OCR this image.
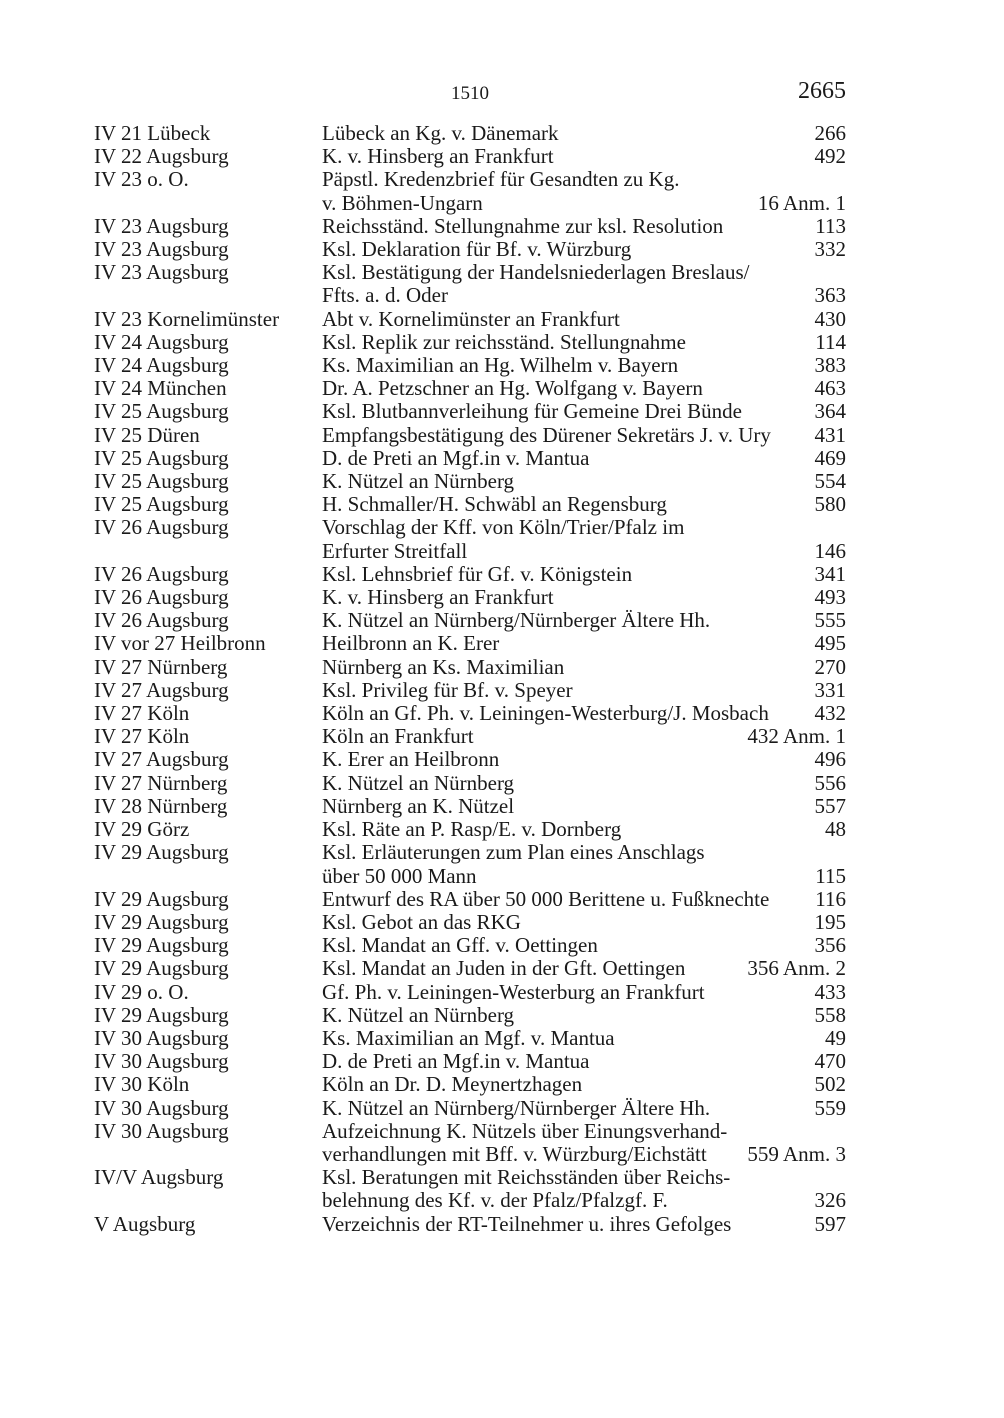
1510	2665
IV 21 Lübeck	Lübeck an Kg. v. Dänemark	266
IV 22 Augsburg	K. v. Hinsberg an Frankfurt	492
IV 23 o. O.	Päpstl. Kredenzbrief für Gesandten zu Kg.
v. Böhmen-Ungarn	16 Anm. 1
IV 23 Augsburg	Reichsständ. Stellungnahme zur ksl. Resolution	113
IV 23 Augsburg	Ksl. Deklaration für Bf. v. Würzburg	332
IV 23 Augsburg	Ksl. Bestätigung der Handelsniederlagen Breslaus/
Ffts. a. d. Oder	363
IV 23 Kornelimünster	Abt v. Kornelimünster an Frankfurt	430
IV 24 Augsburg	Ksl. Replik zur reichsständ. Stellungnahme	114
IV 24 Augsburg	Ks. Maximilian an Hg. Wilhelm v. Bayern	383
IV 24 München	Dr. A. Petzschner an Hg. Wolfgang v. Bayern	463
IV 25 Augsburg	Ksl. Blutbannverleihung für Gemeine Drei Bünde	364
IV 25 Düren	Empfangsbestätigung des Dürener Sekretärs J. v. Ury	431
IV 25 Augsburg	D. de Preti an Mgf.in v. Mantua	469
IV 25 Augsburg	K. Nützel an Nürnberg	554
IV 25 Augsburg	H. Schmaller/H. Schwäbl an Regensburg	580
IV 26 Augsburg	Vorschlag der Kff. von Köln/Trier/Pfalz im
Erfurter Streitfall	146
IV 26 Augsburg	Ksl. Lehnsbrief für Gf. v. Königstein	341
IV 26 Augsburg	K. v. Hinsberg an Frankfurt	493
IV 26 Augsburg	K. Nützel an Nürnberg/Nürnberger Ältere Hh.	555
IV vor 27 Heilbronn	Heilbronn an K. Erer	495
IV 27 Nürnberg	Nürnberg an Ks. Maximilian	270
IV 27 Augsburg	Ksl. Privileg für Bf. v. Speyer	331
IV 27 Köln	Köln an Gf. Ph. v. Leiningen-Westerburg/J. Mosbach	432
IV 27 Köln	Köln an Frankfurt	432 Anm. 1
IV 27 Augsburg	K. Erer an Heilbronn	496
IV 27 Nürnberg	K. Nützel an Nürnberg	556
IV 28 Nürnberg	Nürnberg an K. Nützel	557
IV 29 Görz	Ksl. Räte an P. Rasp/E. v. Dornberg	48
IV 29 Augsburg	Ksl. Erläuterungen zum Plan eines Anschlags
über 50 000 Mann	115
IV 29 Augsburg	Entwurf des RA über 50 000 Berittene u. Fußknechte	116
IV 29 Augsburg	Ksl. Gebot an das RKG	195
IV 29 Augsburg	Ksl. Mandat an Gff. v. Oettingen	356
IV 29 Augsburg	Ksl. Mandat an Juden in der Gft. Oettingen	356 Anm. 2
IV 29 o. O.	Gf. Ph. v. Leiningen-Westerburg an Frankfurt	433
IV 29 Augsburg	K. Nützel an Nürnberg	558
IV 30 Augsburg	Ks. Maximilian an Mgf. v. Mantua	49
IV 30 Augsburg	D. de Preti an Mgf.in v. Mantua	470
IV 30 Köln	Köln an Dr. D. Meynertzhagen	502
IV 30 Augsburg	K. Nützel an Nürnberg/Nürnberger Ältere Hh.	559
IV 30 Augsburg	Aufzeichnung K. Nützels über Einungsverhand-
verhandlungen mit Bff. v. Würzburg/Eichstätt	559 Anm. 3
IV/V Augsburg	Ksl. Beratungen mit Reichsständen über Reichs-
belehnung des Kf. v. der Pfalz/Pfalzgf. F.	326
V Augsburg	Verzeichnis der RT-Teilnehmer u. ihres Gefolges	597
